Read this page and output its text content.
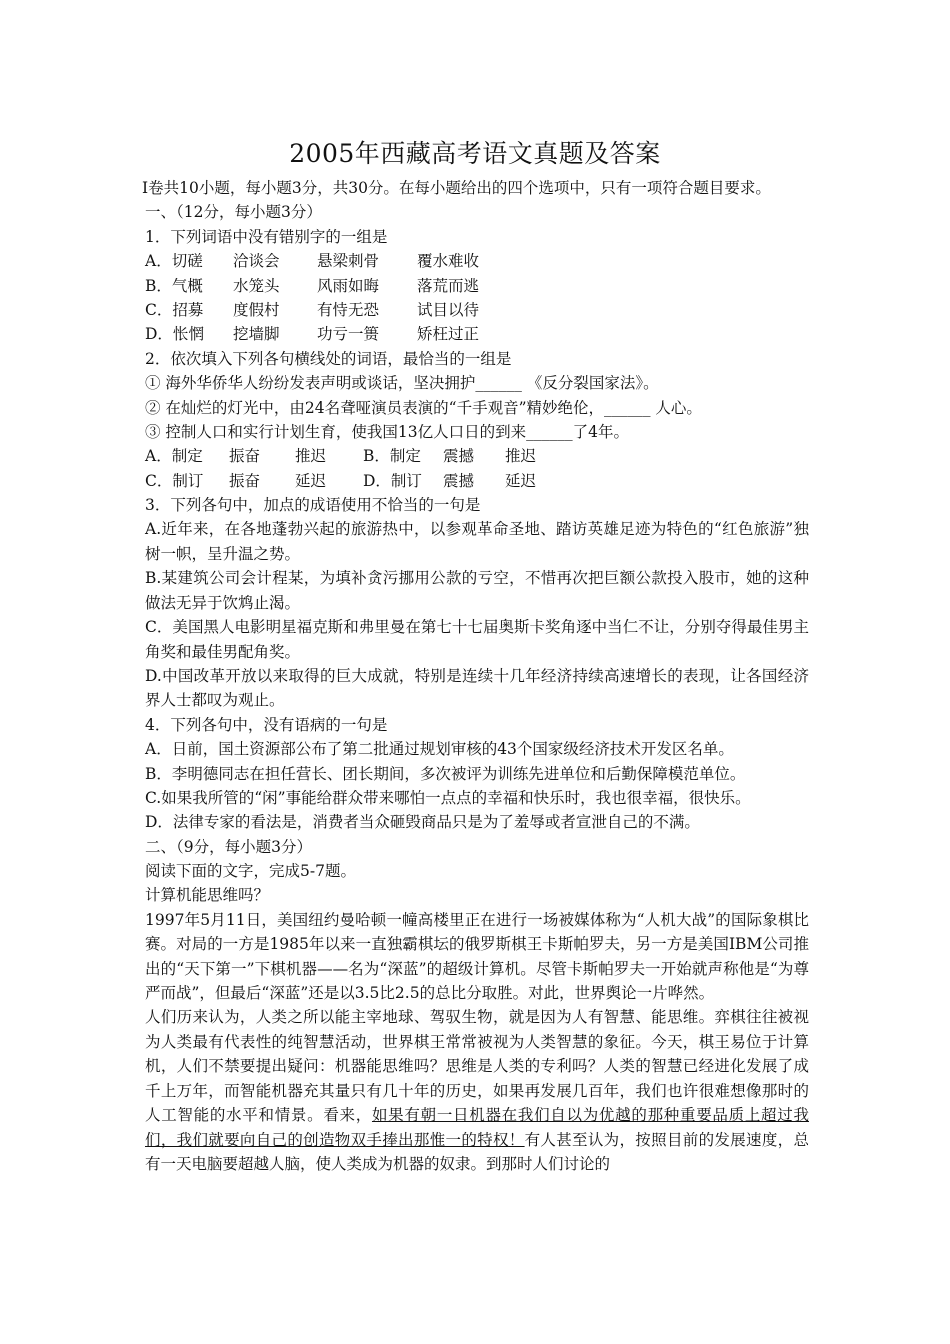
2005年西藏高考语文真题及答案
Ⅰ卷共10小题，每小题3分，共30分。在每小题给出的四个选项中，只有一项符合题目要求。
一、（12分，每小题3分）
1．下列词语中没有错别字的一组是
A．切磋 洽谈会 悬梁刺骨 覆水难收
B．气概 水笼头 风雨如晦 落荒而逃
C．招募 度假村 有恃无恐 试目以待
D．怅惘 挖墙脚 功亏一篑 矫枉过正
2．依次填入下列各句横线处的词语，最恰当的一组是
① 海外华侨华人纷纷发表声明或谈话，坚决拥护______ 《反分裂国家法》。
② 在灿烂的灯光中，由24名聋哑演员表演的“千手观音”精妙绝伦，______ 人心。
③ 控制人口和实行计划生育，使我国13亿人口日的到来______了4年。
A．制定 振奋 推迟 B．制定 震撼 推迟
C．制订 振奋 延迟 D．制订 震撼 延迟
3．下列各句中，加点的成语使用不恰当的一句是
A.近年来，在各地蓬勃兴起的旅游热中，以参观革命圣地、踏访英雄足迹为特色的“红色旅游”独树一帜，呈升温之势。
B.某建筑公司会计程某，为填补贪污挪用公款的亏空，不惜再次把巨额公款投入股市，她的这种做法无异于饮鸩止渴。
C．美国黑人电影明星福克斯和弗里曼在第七十七届奥斯卡奖角逐中当仁不让，分别夺得最佳男主角奖和最佳男配角奖。
D.中国改革开放以来取得的巨大成就，特别是连续十几年经济持续高速增长的表现，让各国经济界人士都叹为观止。
4．下列各句中，没有语病的一句是
A．日前，国土资源部公布了第二批通过规划审核的43个国家级经济技术开发区名单。
B．李明德同志在担任营长、团长期间，多次被评为训练先进单位和后勤保障模范单位。
C.如果我所管的“闲”事能给群众带来哪怕一点点的幸福和快乐时，我也很幸福，很快乐。
D．法律专家的看法是，消费者当众砸毁商品只是为了羞辱或者宣泄自己的不满。
二、（9分，每小题3分）
阅读下面的文字，完成5-7题。
计算机能思维吗？
1997年5月11日，美国纽约曼哈顿一幢高楼里正在进行一场被媒体称为“人机大战”的国际象棋比赛。对局的一方是1985年以来一直独霸棋坛的俄罗斯棋王卡斯帕罗夫，另一方是美国IBM公司推出的“天下第一”下棋机器——名为“深蓝”的超级计算机。尽管卡斯帕罗夫一开始就声称他是“为尊严而战”，但最后“深蓝”还是以3.5比2.5的总比分取胜。对此，世界舆论一片哗然。
人们历来认为，人类之所以能主宰地球、驾驭生物，就是因为人有智慧、能思维。弈棋往往被视为人类最有代表性的纯智慧活动，世界棋王常常被视为人类智慧的象征。今天，棋王易位于计算机，人们不禁要提出疑问：机器能思维吗？思维是人类的专利吗？人类的智慧已经进化发展了成千上万年，而智能机器充其量只有几十年的历史，如果再发展几百年，我们也许很难想像那时的人工智能的水平和情景。看来，如果有朝一日机器在我们自以为优越的那种重要品质上超过我们，我们就要向自己的创造物双手捧出那惟一的特权！有人甚至认为，按照目前的发展速度，总有一天电脑要超越人脑，使人类成为机器的奴隶。到那时人们讨论的
